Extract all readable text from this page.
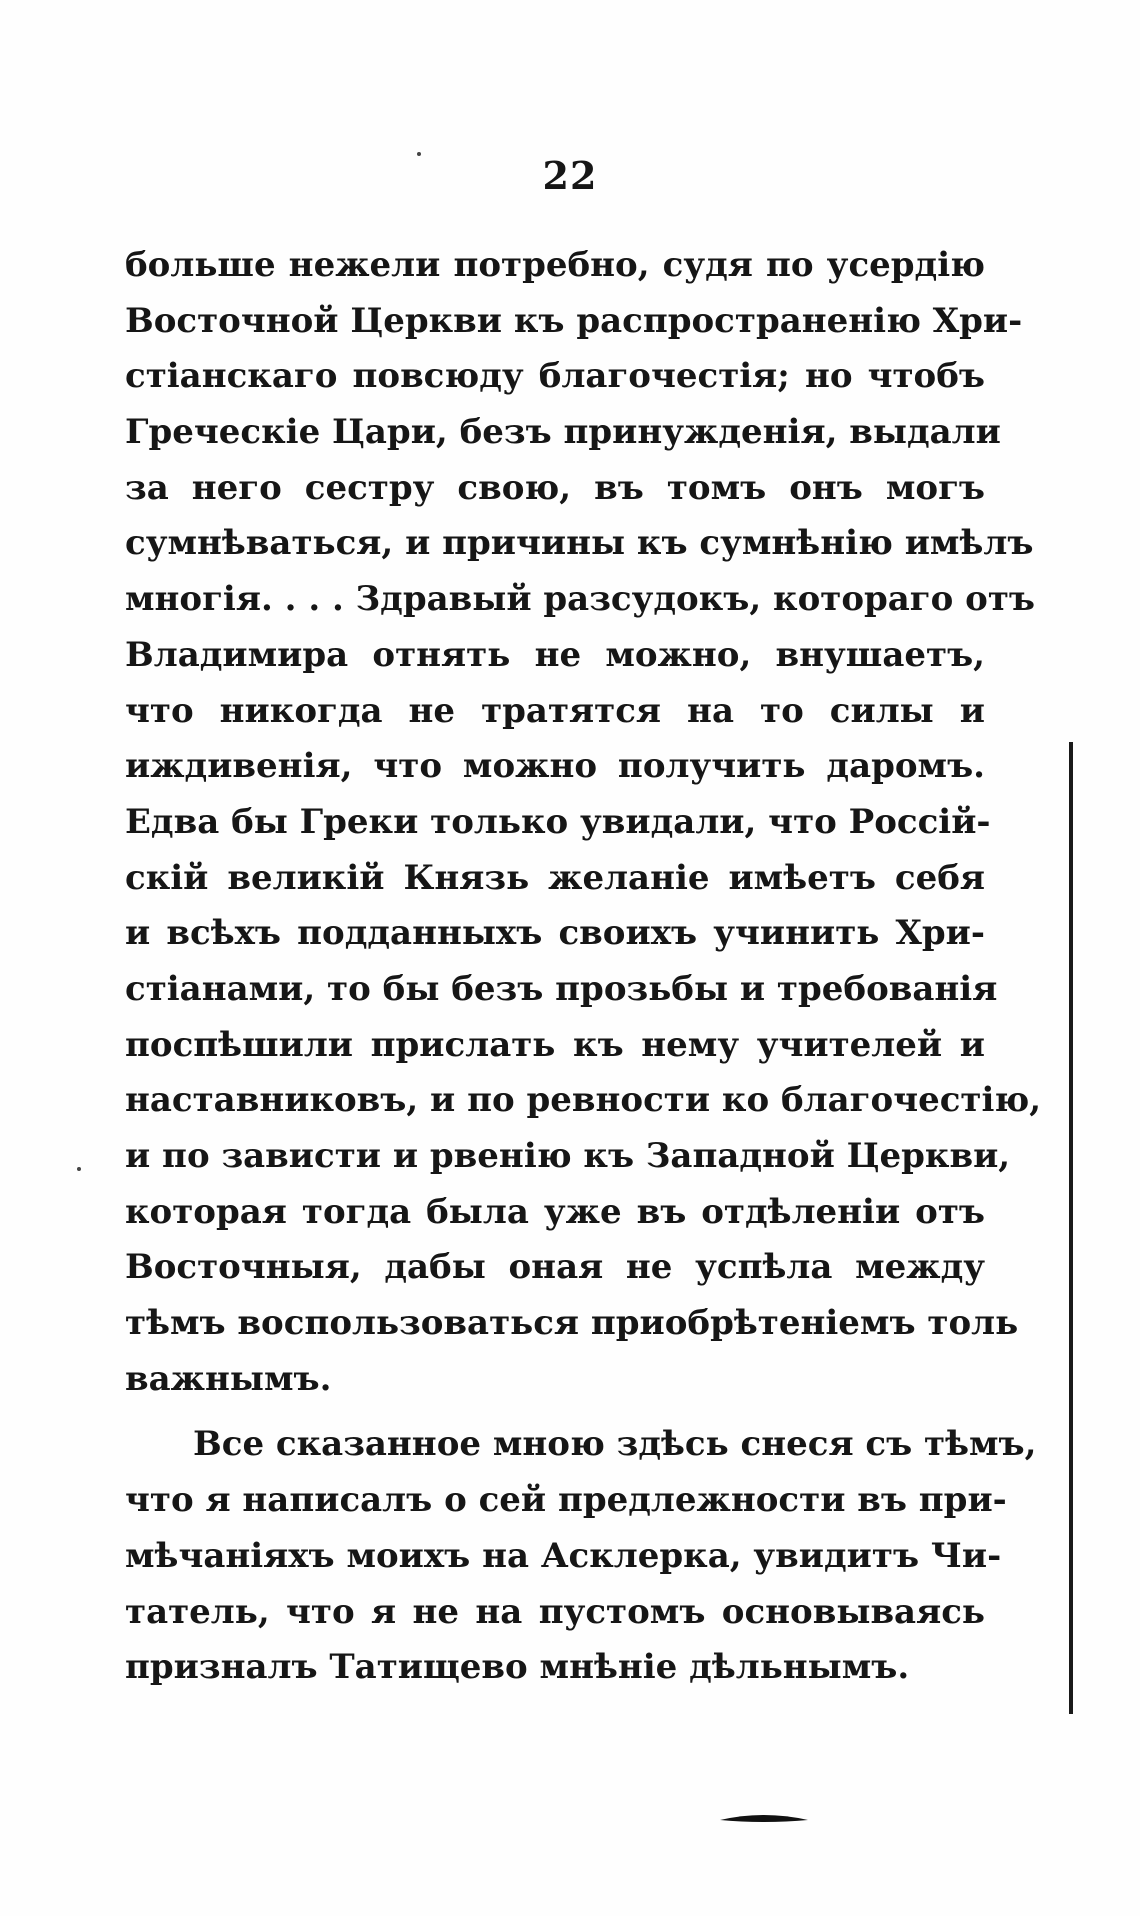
22
больше нежели потребно, судя по усердію
Восточной Церкви къ распространенію Хри-
стіанскаго повсюду благочестія; но чтобъ
Греческіе Цари, безъ принужденія, выдали
за него сестру свою, въ томъ онъ могъ
сумнѣваться, и причины къ сумнѣнію имѣлъ
многія. . . . Здравый разсудокъ, котораго отъ
Владимира отнять не можно, внушаетъ,
что никогда не тратятся на то силы и
иждивенія, что можно получить даромъ.
Едва бы Греки только увидали, что Россій-
скій великій Князь желаніе имѣетъ себя
и всѣхъ подданныхъ своихъ учинить Хри-
стіанами, то бы безъ прозьбы и требованія
поспѣшили прислать къ нему учителей и
наставниковъ, и по ревности ко благочестію,
и по зависти и рвенію къ Западной Церкви,
которая тогда была уже въ отдѣленіи отъ
Восточныя, дабы оная не успѣла между
тѣмъ воспользоваться приобрѣтеніемъ толь
важнымъ.
Все сказанное мною здѣсь снеся съ тѣмъ,
что я написалъ о сей предлежности въ при-
мѣчаніяхъ моихъ на Асклерка, увидитъ Чи-
татель, что я не на пустомъ основываясь
призналъ Татищево мнѣніе дѣльнымъ.
